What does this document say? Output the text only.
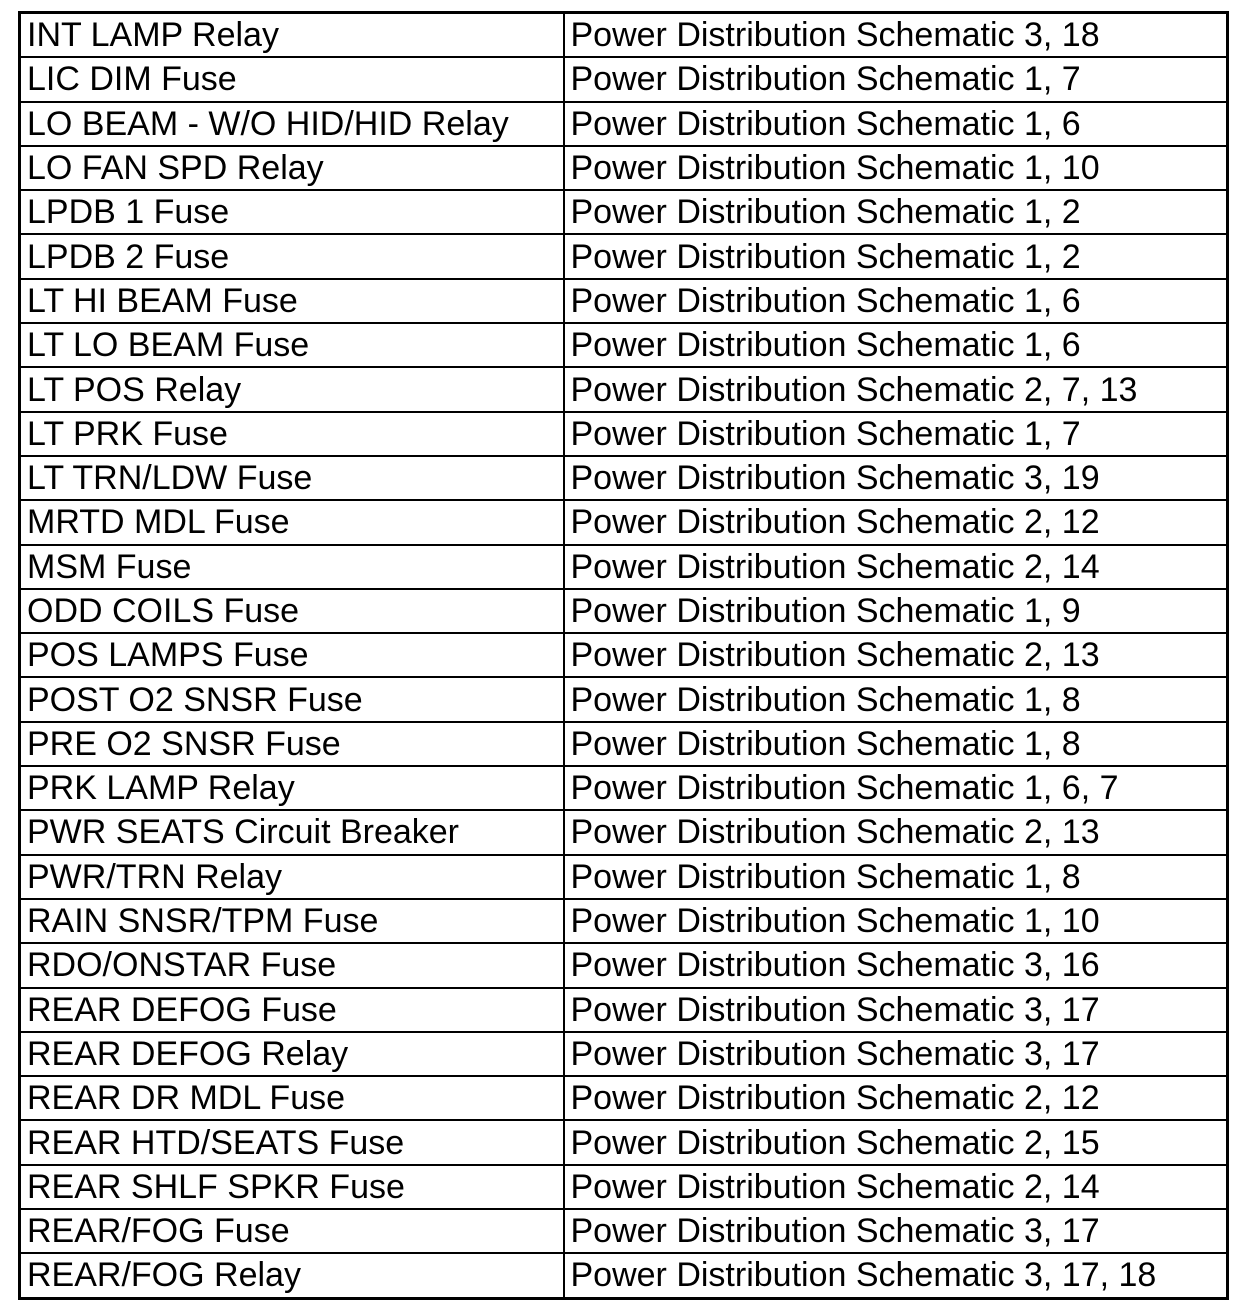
INT LAMP Relay	Power Distribution Schematic 3, 18
LIC DIM Fuse	Power Distribution Schematic 1, 7
LO BEAM - W/O HID/HID Relay	Power Distribution Schematic 1, 6
LO FAN SPD Relay	Power Distribution Schematic 1, 10
LPDB 1 Fuse	Power Distribution Schematic 1, 2
LPDB 2 Fuse	Power Distribution Schematic 1, 2
LT HI BEAM Fuse	Power Distribution Schematic 1, 6
LT LO BEAM Fuse	Power Distribution Schematic 1, 6
LT POS Relay	Power Distribution Schematic 2, 7, 13
LT PRK Fuse	Power Distribution Schematic 1, 7
LT TRN/LDW Fuse	Power Distribution Schematic 3, 19
MRTD MDL Fuse	Power Distribution Schematic 2, 12
MSM Fuse	Power Distribution Schematic 2, 14
ODD COILS Fuse	Power Distribution Schematic 1, 9
POS LAMPS Fuse	Power Distribution Schematic 2, 13
POST O2 SNSR Fuse	Power Distribution Schematic 1, 8
PRE O2 SNSR Fuse	Power Distribution Schematic 1, 8
PRK LAMP Relay	Power Distribution Schematic 1, 6, 7
PWR SEATS Circuit Breaker	Power Distribution Schematic 2, 13
PWR/TRN Relay	Power Distribution Schematic 1, 8
RAIN SNSR/TPM Fuse	Power Distribution Schematic 1, 10
RDO/ONSTAR Fuse	Power Distribution Schematic 3, 16
REAR DEFOG Fuse	Power Distribution Schematic 3, 17
REAR DEFOG Relay	Power Distribution Schematic 3, 17
REAR DR MDL Fuse	Power Distribution Schematic 2, 12
REAR HTD/SEATS Fuse	Power Distribution Schematic 2, 15
REAR SHLF SPKR Fuse	Power Distribution Schematic 2, 14
REAR/FOG Fuse	Power Distribution Schematic 3, 17
REAR/FOG Relay	Power Distribution Schematic 3, 17, 18
